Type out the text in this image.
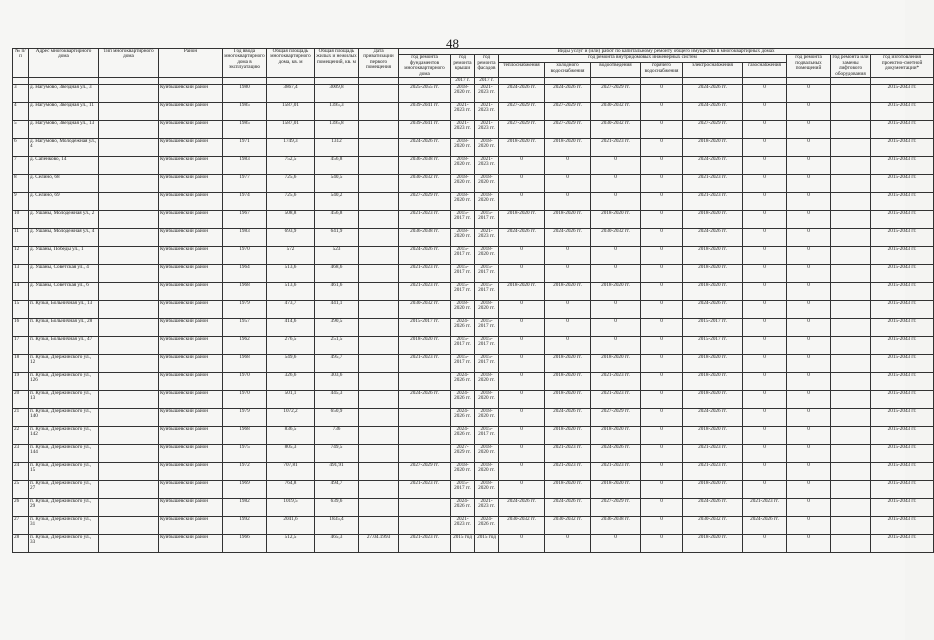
48
№ п/п	Адрес многоквартирного дома	Тип многоквартирного дома	Район	Год ввода многоквартирного дома в эксплуатацию	Общая площадь многоквартирного дома, кв. м	Общая площадь жилых и нежилых помещений, кв. м	Дата приватизации первого помещения	Виды услуг и (или) работ по капитальному ремонту общего имущества в многоквартирных домах											
								год ремонта фундаментов многоквартирного дома	год ремонта крыши	год ремонта фасадов	год ремонта внутридомовых инженерных систем						год ремонта подвальных помещений	год ремонта или замены лифтового оборудования	год изготовления проектно-сметной документации*
											теплоснабжения	холодного водоснабжения	водоотведения	горячего водоснабжения	электроснабжения	газоснабжения			
									2017 г.	2017 г.									
3	д. Нагумово, Звездная ул., 3		Куйбышевский район	1980	3867,4	3009,8		2025-2055 гг.	2018-2020 гг.	2021-2023 гг.	2024-2026 гг.	2024-2026 гг.	2027-2029 гг.	0	2024-2026 гг.	0	0		2015-2043 гг.
4	д. Нагумово, Звездная ул., 11		Куйбышевский район	1985	1587,01	1395,3		2039-2041 гг.	2021-2023 гг.	2021-2023 гг.	2027-2029 гг.	2027-2029 гг.	2030-2032 гг.	0	2024-2026 гг.	0	0		2015-2043 гг.
5	д. Нагумово, Звездная ул., 13		Куйбышевский район	1985	1587,01	1395,8		2039-2041 гг.	2021-2023 гг.	2021-2023 гг.	2027-2029 гг.	2027-2029 гг.	2030-2032 гг.	0	2027-2029 гг.	0	0		2015-2043 гг.
6	д. Нагумово, Молодёжная ул., 4		Куйбышевский район	1971	1749,3	1312		2024-2026 гг.	2018-2020 гг.	2018-2020 гг.	2018-2020 гг.	2018-2020 гг.	2021-2023 гг.	0	2018-2020 гг.	0	0		2015-2043 гг.
7	д. Сапёнково, 14		Куйбышевский район	1983	752,5	456,8		2036-2038 гг.	2018-2020 гг.	2021-2023 гг.	0	0	0	0	2024-2026 гг.	0	0		2015-2043 гг.
8	д. Селино, 68		Куйбышевский район	1977	725,6	540,5		2030-2032 гг.	2018-2020 гг.	2018-2020 гг.	0	0	0	0	2021-2023 гг.	0	0		2015-2043 гг.
9	д. Селино, 69		Куйбышевский район	1974	725,6	540,2		2027-2029 гг.	2018-2020 гг.	2018-2020 гг.	0	0	0	0	2021-2023 гг.	0	0		2015-2043 гг.
10	д. Ушаны, Молодёжная ул., 2		Куйбышевский район	1967	508,8	456,8		2021-2023 гг.	2015-2017 гг.	2015-2017 гг.	2018-2020 гг.	2018-2020 гг.	2018-2020 гг.	0	2018-2020 гг.	0	0		2015-2043 гг.
11	д. Ушаны, Молодёжная ул., 4		Куйбышевский район	1983	693,9	641,9		2036-2038 гг.	2018-2020 гг.	2021-2023 гг.	2024-2026 гг.	2024-2026 гг.	2030-2032 гг.	0	2024-2026 гг.	0	0		2015-2043 гг.
12	д. Ушаны, Победы ул., 1		Куйбышевский район	1970	572	523		2024-2026 гг.	2015-2017 гг.	2018-2020 гг.	0	0	0	0	2018-2020 гг.	0	0		2015-2043 гг.
13	д. Ушаны, Советская ул., 4		Куйбышевский район	1964	513,6	468,6		2021-2023 гг.	2015-2017 гг.	2015-2017 гг.	0	0	0	0	2018-2020 гг.	0	0		2015-2043 гг.
14	д. Ушаны, Советская ул., 6		Куйбышевский район	1968	513,6	461,6		2021-2023 гг.	2015-2017 гг.	2015-2017 гг.	2018-2020 гг.	2018-2020 гг.	2018-2020 гг.	0	2018-2020 гг.	0	0		2015-2043 гг.
15	п. Кузьи, Больничная ул., 13		Куйбышевский район	1979	473,7	441,1		2030-2032 гг.	2018-2020 гг.	2018-2020 гг.	0	0	0	0	2024-2026 гг.	0	0		2015-2043 гг.
16	п. Кузьи, Больничная ул., 28		Куйбышевский район	1957	414,6	390,5		2015-2017 гг.	2024-2026 гг.	2015-2017 гг.	0	0	0	0	2015-2017 гг.	0	0		2015-2043 гг.
17	п. Кузьи, Больничная ул., 47		Куйбышевский район	1962	276,5	251,5		2018-2020 гг.	2015-2017 гг.	2015-2017 гг.	0	0	0	0	2015-2017 гг.	0	0		2015-2043 гг.
18	п. Кузьи, Дзержинского ул., 12		Куйбышевский район	1968	549,6	495,7		2021-2023 гг.	2015-2017 гг.	2015-2017 гг.	0	2018-2020 гг.	2018-2020 гг.	0	2018-2020 гг.	0	0		2015-2043 гг.
19	п. Кузьи, Дзержинского ул., 126		Куйбышевский район	1970	326,6	303,6			2024-2026 гг.	2018-2020 гг.	0	2018-2020 гг.	2021-2023 гг.	0	2018-2020 гг.	0	0		2015-2043 гг.
20	п. Кузьи, Дзержинского ул., 13		Куйбышевский район	1970	501,1	445,3		2024-2026 гг.	2024-2026 гг.	2018-2020 гг.	0	2018-2020 гг.	2021-2023 гг.	0	2018-2020 гг.	0	0		2015-2043 гг.
21	п. Кузьи, Дзержинского ул., 140		Куйбышевский район	1979	1072,2	650,9			2024-2026 гг.	2018-2020 гг.	0	2024-2026 гг.	2027-2029 гг.	0	2024-2026 гг.	0	0		2015-2043 гг.
22	п. Кузьи, Дзержинского ул., 142		Куйбышевский район	1968	836,5	736			2024-2026 гг.	2015-2017 гг.	0	2018-2020 гг.	2018-2020 гг.	0	2018-2020 гг.	0	0		2015-2043 гг.
23	п. Кузьи, Дзержинского ул., 144		Куйбышевский район	1975	805,3	749,5			2027-2029 гг.	2018-2020 гг.	0	2021-2023 гг.	2024-2026 гг.	0	2021-2023 гг.	0	0		2015-2043 гг.
24	п. Кузьи, Дзержинского ул., 15		Куйбышевский район	1972	707,81	491,91		2027-2029 гг.	2018-2020 гг.	2018-2020 гг.	0	2021-2023 гг.	2021-2023 гг.	0	2021-2023 гг.	0	0		2015-2043 гг.
25	п. Кузьи, Дзержинского ул., 27		Куйбышевский район	1969	764,8	494,7		2021-2023 гг.	2015-2017 гг.	2018-2020 гг.	0	2018-2020 гг.	2018-2020 гг.	0	2018-2020 гг.	0	0		2015-2043 гг.
26	п. Кузьи, Дзержинского ул., 29		Куйбышевский район	1982	1019,5	639,6			2024-2026 гг.	2021-2023 гг.	2024-2026 гг.	2024-2026 гг.	2027-2029 гг.	0	2024-2026 гг.	2021-2023 гг.	0		2015-2043 гг.
27	п. Кузьи, Дзержинского ул., 31		Куйбышевский район	1992	2041,6	1835,4			2021-2023 гг.	2024-2026 гг.	2030-2032 гг.	2030-2032 гг.	2036-2038 гг.	0	2030-2032 гг.	2024-2026 гг.	0		2015-2043 гг.
28	п. Кузьи, Дзержинского ул., 33		Куйбышевский район	1966	512,5	465,3	27.04.1993	2021-2023 гг.	2015 год	2015 год	0	0	0	0	2018-2020 гг.	0	0		2015-2043 гг.
